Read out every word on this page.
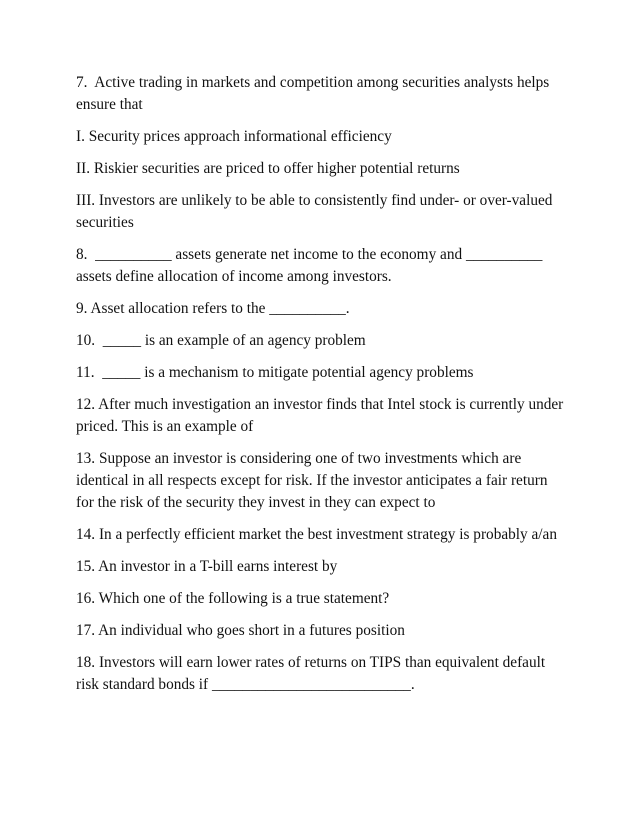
7.  Active trading in markets and competition among securities analysts helps ensure that

I. Security prices approach informational efficiency

II. Riskier securities are priced to offer higher potential returns

III. Investors are unlikely to be able to consistently find under- or over-valued securities

8.  __________ assets generate net income to the economy and __________ assets define allocation of income among investors.

9. Asset allocation refers to the __________.

10.  _____ is an example of an agency problem

11.  _____ is a mechanism to mitigate potential agency problems

12. After much investigation an investor finds that Intel stock is currently under priced. This is an example of

13. Suppose an investor is considering one of two investments which are identical in all respects except for risk. If the investor anticipates a fair return for the risk of the security they invest in they can expect to

14. In a perfectly efficient market the best investment strategy is probably a/an

15. An investor in a T-bill earns interest by

16. Which one of the following is a true statement?

17. An individual who goes short in a futures position

18. Investors will earn lower rates of returns on TIPS than equivalent default risk standard bonds if __________________________.
